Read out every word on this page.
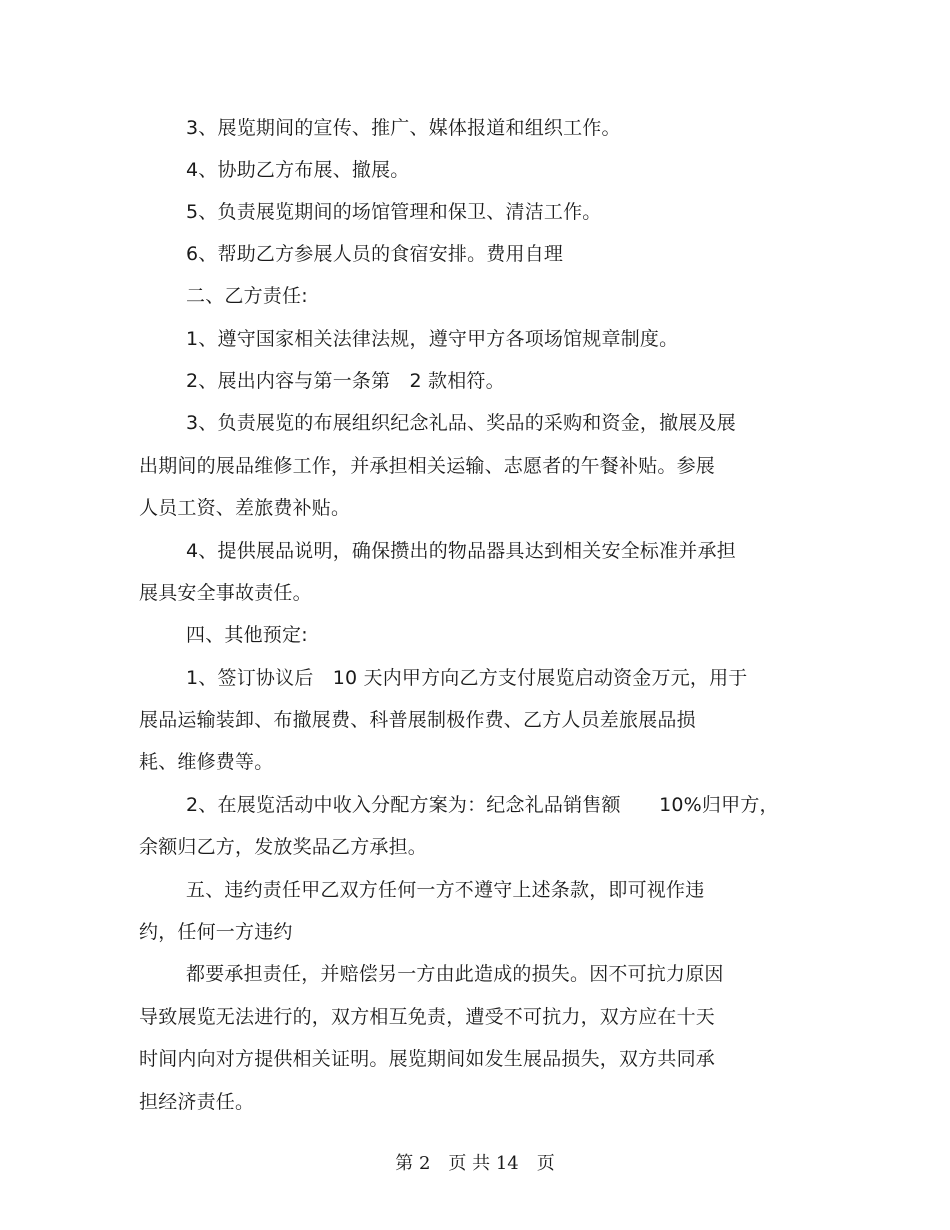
3、展览期间的宣传、推广、媒体报道和组织工作。
4、协助乙方布展、撤展。
5、负责展览期间的场馆管理和保卫、清洁工作。
6、帮助乙方参展人员的食宿安排。费用自理
二、乙方责任:
1、遵守国家相关法律法规，遵守甲方各项场馆规章制度。
2、展出内容与第一条第　2 款相符。
3、负责展览的布展组织纪念礼品、奖品的采购和资金，撤展及展
出期间的展品维修工作，并承担相关运输、志愿者的午餐补贴。参展
人员工资、差旅费补贴。
4、提供展品说明，确保攒出的物品器具达到相关安全标准并承担
展具安全事故责任。
四、其他预定:
1、签订协议后　10 天内甲方向乙方支付展览启动资金万元，用于
展品运输装卸、布撤展费、科普展制极作费、乙方人员差旅展品损
耗、维修费等。
2、在展览活动中收入分配方案为：纪念礼品销售额　　10%归甲方，
余额归乙方，发放奖品乙方承担。
五、违约责任甲乙双方任何一方不遵守上述条款，即可视作违
约，任何一方违约
都要承担责任，并赔偿另一方由此造成的损失。因不可抗力原因
导致展览无法进行的，双方相互免责，遭受不可抗力，双方应在十天
时间内向对方提供相关证明。展览期间如发生展品损失，双方共同承
担经济责任。
第 2　页 共 14　页
